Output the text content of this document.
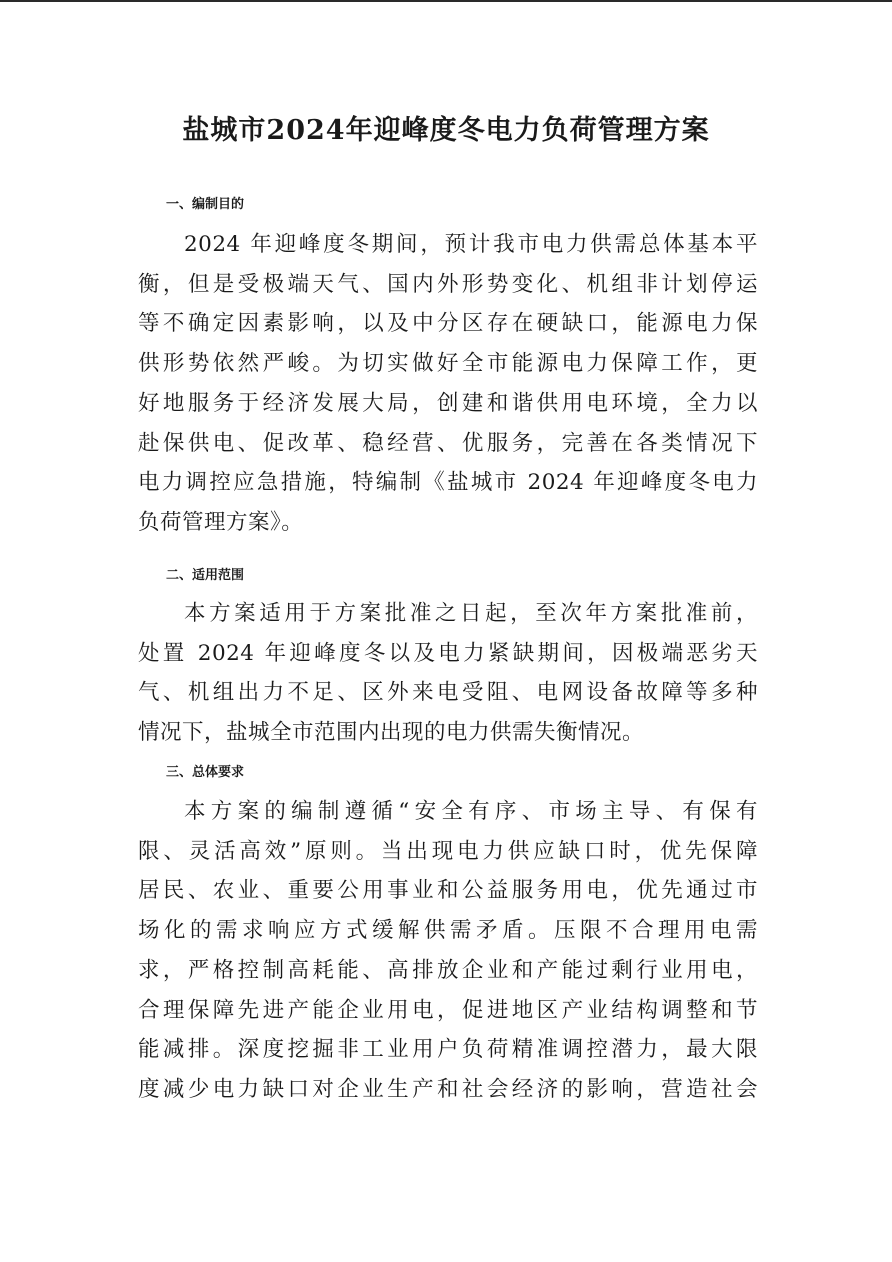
盐城市2024年迎峰度冬电力负荷管理方案
一、编制目的
2024 年迎峰度冬期间，预计我市电力供需总体基本平
衡，但是受极端天气、国内外形势变化、机组非计划停运
等不确定因素影响，以及中分区存在硬缺口，能源电力保
供形势依然严峻。为切实做好全市能源电力保障工作，更
好地服务于经济发展大局，创建和谐供用电环境，全力以
赴保供电、促改革、稳经营、优服务，完善在各类情况下
电力调控应急措施，特编制《盐城市 2024 年迎峰度冬电力
负荷管理方案》。
二、适用范围
本方案适用于方案批准之日起，至次年方案批准前，
处置 2024 年迎峰度冬以及电力紧缺期间，因极端恶劣天
气、机组出力不足、区外来电受阻、电网设备故障等多种
情况下，盐城全市范围内出现的电力供需失衡情况。
三、总体要求
本方案的编制遵循“安全有序、市场主导、有保有
限、灵活高效”原则。当出现电力供应缺口时，优先保障
居民、农业、重要公用事业和公益服务用电，优先通过市
场化的需求响应方式缓解供需矛盾。压限不合理用电需
求，严格控制高耗能、高排放企业和产能过剩行业用电，
合理保障先进产能企业用电，促进地区产业结构调整和节
能减排。深度挖掘非工业用户负荷精准调控潜力，最大限
度减少电力缺口对企业生产和社会经济的影响，营造社会
